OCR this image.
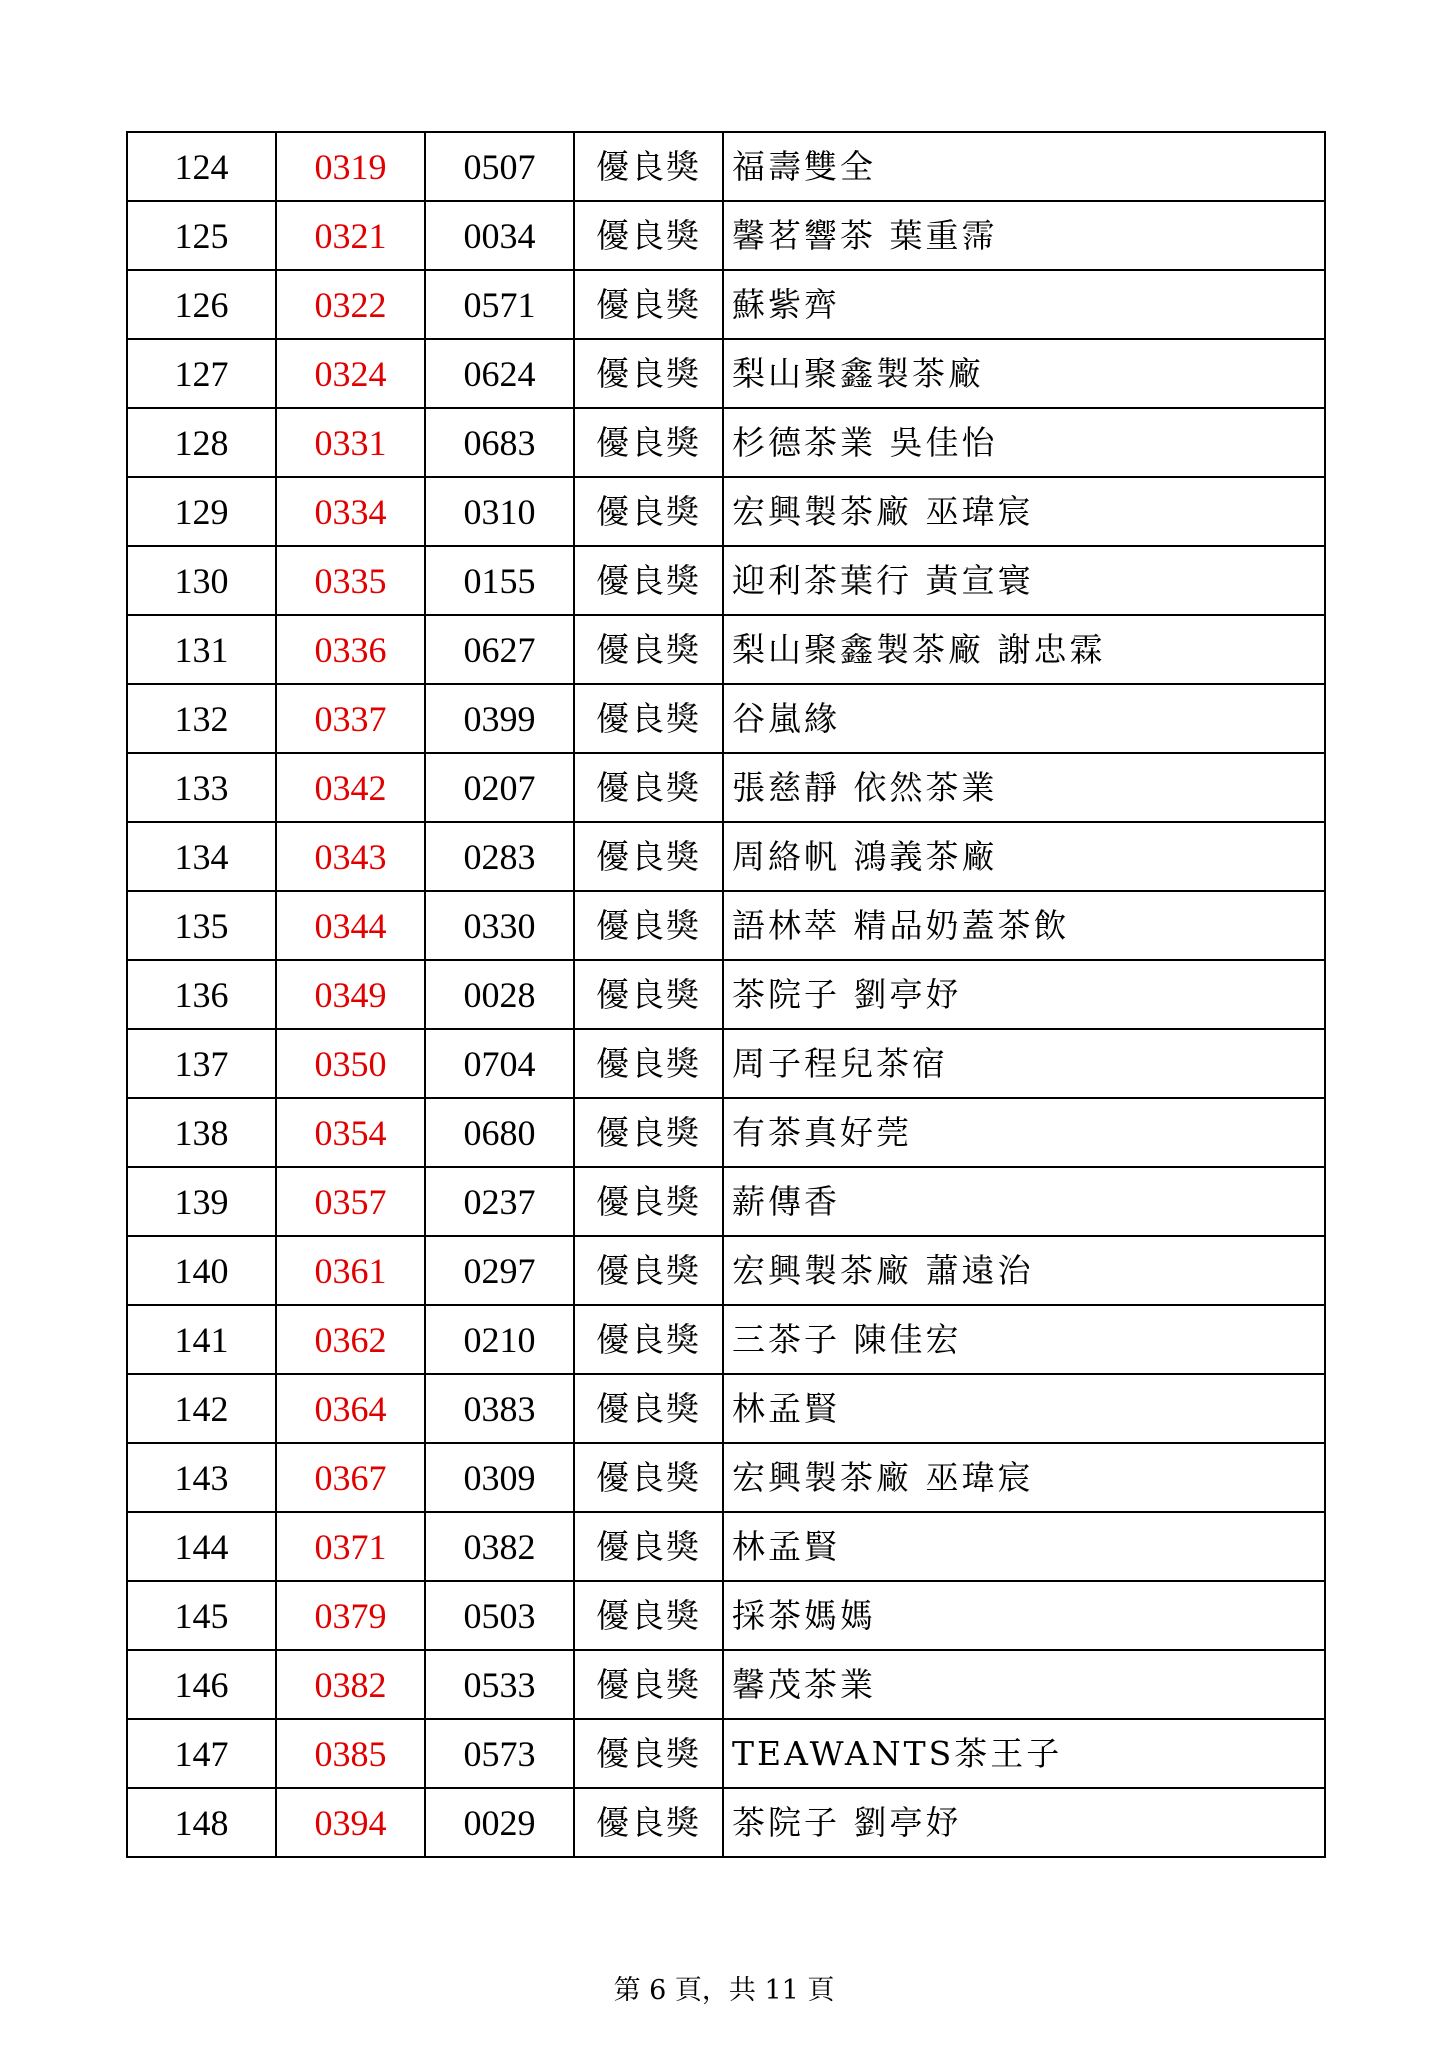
124	0319	0507	優良獎	福壽雙全
125	0321	0034	優良獎	馨茗響茶 葉重霈
126	0322	0571	優良獎	蘇紫齊
127	0324	0624	優良獎	梨山聚鑫製茶廠
128	0331	0683	優良獎	杉德茶業 吳佳怡
129	0334	0310	優良獎	宏興製茶廠 巫瑋宸
130	0335	0155	優良獎	迎利茶葉行 黃宣寰
131	0336	0627	優良獎	梨山聚鑫製茶廠 謝忠霖
132	0337	0399	優良獎	谷嵐緣
133	0342	0207	優良獎	張慈靜 依然茶業
134	0343	0283	優良獎	周絡帆 鴻義茶廠
135	0344	0330	優良獎	語林萃 精品奶蓋茶飲
136	0349	0028	優良獎	茶院子 劉亭妤
137	0350	0704	優良獎	周子程兒茶宿
138	0354	0680	優良獎	有茶真好莞
139	0357	0237	優良獎	薪傳香
140	0361	0297	優良獎	宏興製茶廠 蕭遠治
141	0362	0210	優良獎	三茶子 陳佳宏
142	0364	0383	優良獎	林孟賢
143	0367	0309	優良獎	宏興製茶廠 巫瑋宸
144	0371	0382	優良獎	林孟賢
145	0379	0503	優良獎	採茶媽媽
146	0382	0533	優良獎	馨茂茶業
147	0385	0573	優良獎	TEAWANTS茶王子
148	0394	0029	優良獎	茶院子 劉亭妤
第 6 頁，共 11 頁
